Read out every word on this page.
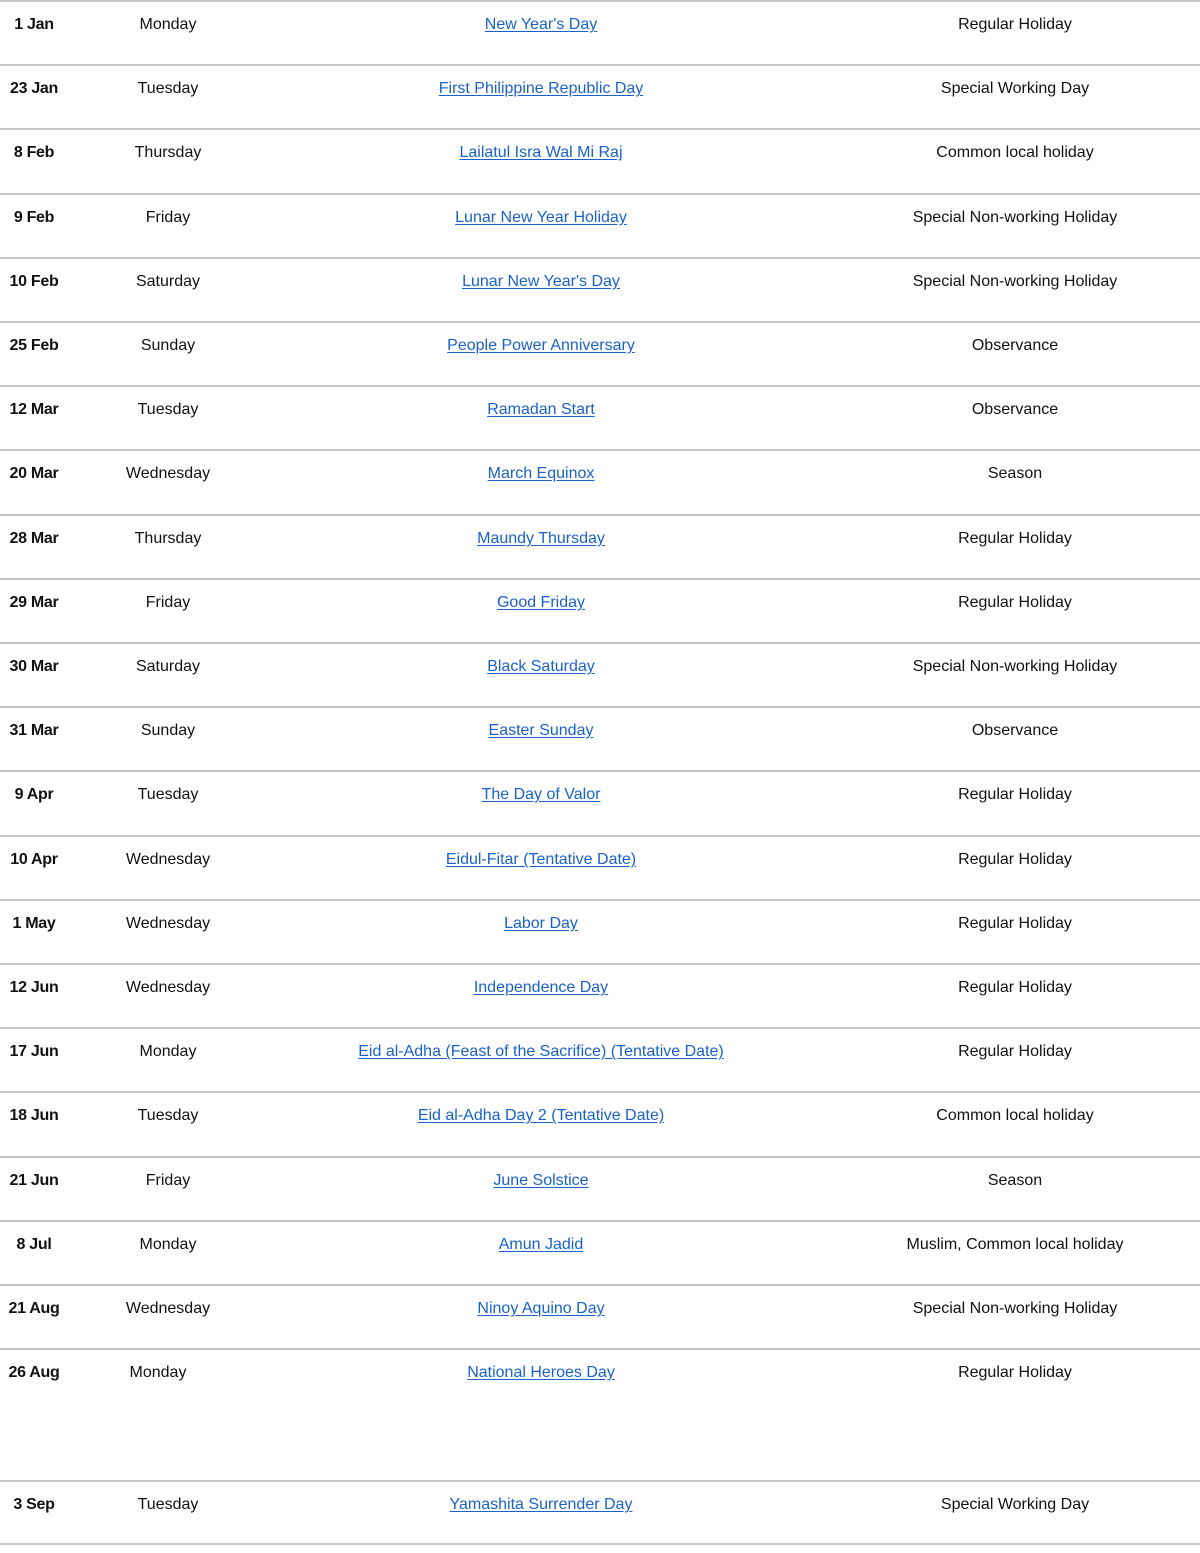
1 Jan	Monday	New Year's Day	Regular Holiday
23 Jan	Tuesday	First Philippine Republic Day	Special Working Day
8 Feb	Thursday	Lailatul Isra Wal Mi Raj	Common local holiday
9 Feb	Friday	Lunar New Year Holiday	Special Non-working Holiday
10 Feb	Saturday	Lunar New Year's Day	Special Non-working Holiday
25 Feb	Sunday	People Power Anniversary	Observance
12 Mar	Tuesday	Ramadan Start	Observance
20 Mar	Wednesday	March Equinox	Season
28 Mar	Thursday	Maundy Thursday	Regular Holiday
29 Mar	Friday	Good Friday	Regular Holiday
30 Mar	Saturday	Black Saturday	Special Non-working Holiday
31 Mar	Sunday	Easter Sunday	Observance
9 Apr	Tuesday	The Day of Valor	Regular Holiday
10 Apr	Wednesday	Eidul-Fitar (Tentative Date)	Regular Holiday
1 May	Wednesday	Labor Day	Regular Holiday
12 Jun	Wednesday	Independence Day	Regular Holiday
17 Jun	Monday	Eid al-Adha (Feast of the Sacrifice) (Tentative Date)	Regular Holiday
18 Jun	Tuesday	Eid al-Adha Day 2 (Tentative Date)	Common local holiday
21 Jun	Friday	June Solstice	Season
8 Jul	Monday	Amun Jadid	Muslim, Common local holiday
21 Aug	Wednesday	Ninoy Aquino Day	Special Non-working Holiday
26 Aug	Monday	National Heroes Day	Regular Holiday
3 Sep	Tuesday	Yamashita Surrender Day	Special Working Day
